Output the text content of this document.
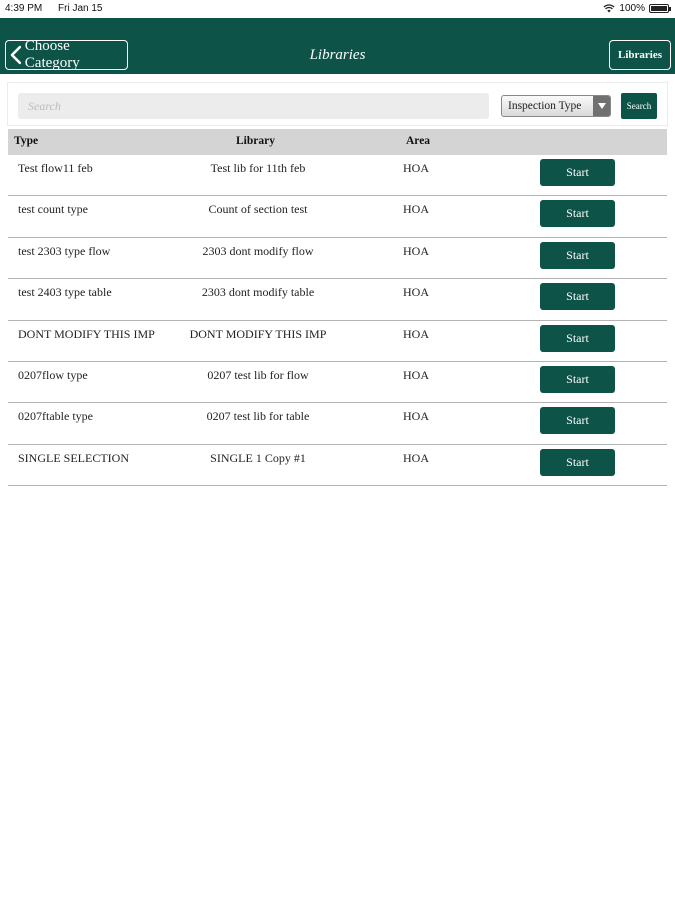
4:39 PM Fri Jan 15	100%
Choose Category	Libraries	Libraries
Search
Inspection Type	Search
Type	Library	Area
Test flow11 feb	Test lib for 11th feb	HOA	Start
test count type	Count of section test	HOA	Start
test 2303 type flow	2303 dont modify flow	HOA	Start
test 2403 type table	2303 dont modify table	HOA	Start
DONT MODIFY THIS IMP	DONT MODIFY THIS IMP	HOA	Start
0207flow type	0207 test lib for flow	HOA	Start
0207ftable type	0207 test lib for table	HOA	Start
SINGLE SELECTION	SINGLE 1 Copy #1	HOA	Start
